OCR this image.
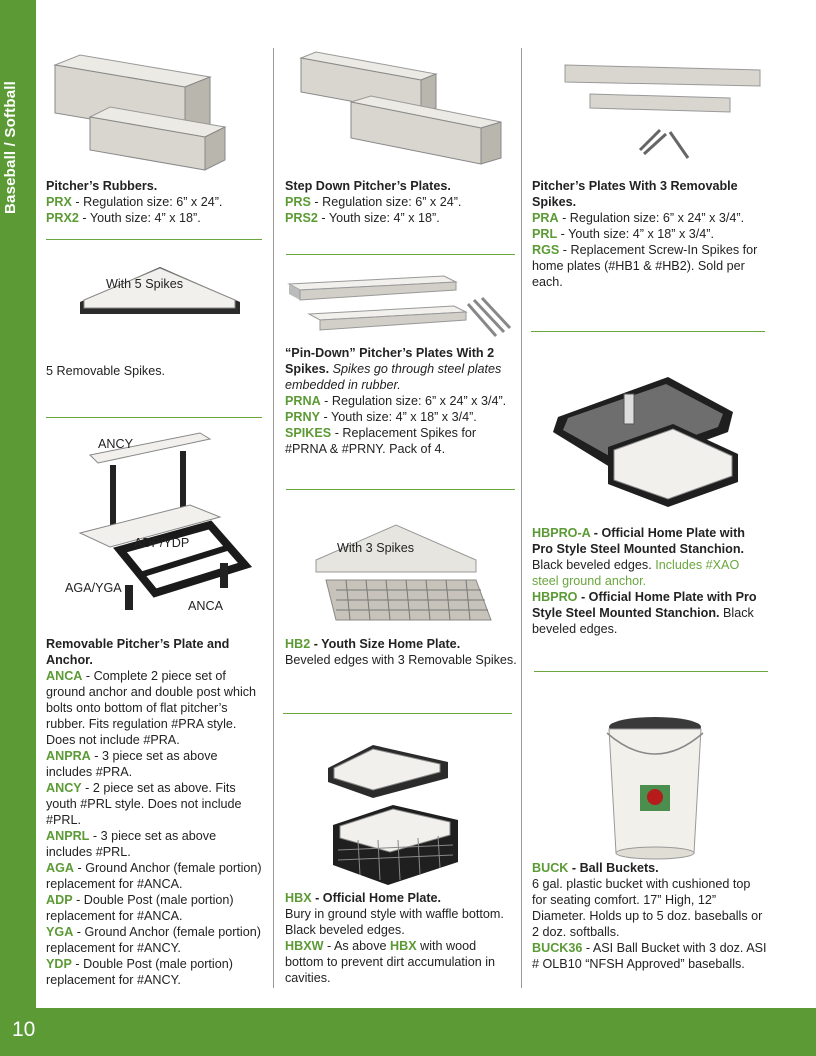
Baseball / Softball
10

Pitcher’s Rubbers.

PRX - Regulation size: 6” x 24”.

PRX2 - Youth size: 4” x 18”.

With 5 Spikes
5 Removable Spikes.
ANCY
ADP/YDP
AGA/YGA
ANCA

Removable Pitcher’s Plate and Anchor.

ANCA - Complete 2 piece set of ground anchor and double post which bolts onto bottom of flat pitcher’s rubber. Fits regulation #PRA style. Does not include #PRA.

ANPRA - 3 piece set as above includes #PRA.

ANCY - 2 piece set as above. Fits youth #PRL style. Does not include #PRL.

ANPRL - 3 piece set as above includes #PRL.

AGA - Ground Anchor (female portion) replacement for #ANCA.

ADP - Double Post (male portion) replacement for #ANCA.

YGA - Ground Anchor (female portion) replacement for #ANCY.

YDP - Double Post (male portion) replacement for #ANCY.

Step Down Pitcher’s Plates.

PRS - Regulation size: 6” x 24”.

PRS2 - Youth size: 4” x 18”.

“Pin-Down” Pitcher’s Plates With 2 Spikes. Spikes go through steel plates embedded in rubber.

PRNA - Regulation size: 6” x 24” x 3/4”.

PRNY - Youth size: 4” x 18” x 3/4”.

SPIKES - Replacement Spikes for #PRNA & #PRNY. Pack of 4.

With 3 Spikes

HB2 - Youth Size Home Plate.

Beveled edges with 3 Removable Spikes.

HBX - Official Home Plate.

Bury in ground style with waffle bottom. Black beveled edges.

HBXW - As above HBX with wood bottom to prevent dirt accumulation in cavities.

Pitcher’s Plates With 3 Removable Spikes.

PRA - Regulation size: 6” x 24” x 3/4”.

PRL - Youth size: 4” x 18” x 3/4”.

RGS - Replacement Screw-In Spikes for home plates (#HB1 & #HB2). Sold per each.

HBPRO-A - Official Home Plate with Pro Style Steel Mounted Stanchion. Black beveled edges. Includes #XAO steel ground anchor.

HBPRO - Official Home Plate with Pro Style Steel Mounted Stanchion. Black beveled edges.

BUCK - Ball Buckets.

6 gal. plastic bucket with cushioned top for seating comfort. 17” High, 12” Diameter. Holds up to 5 doz. baseballs or 2 doz. softballs.

BUCK36 - ASI Ball Bucket with 3 doz. ASI # OLB10 “NFSH Approved” baseballs.
